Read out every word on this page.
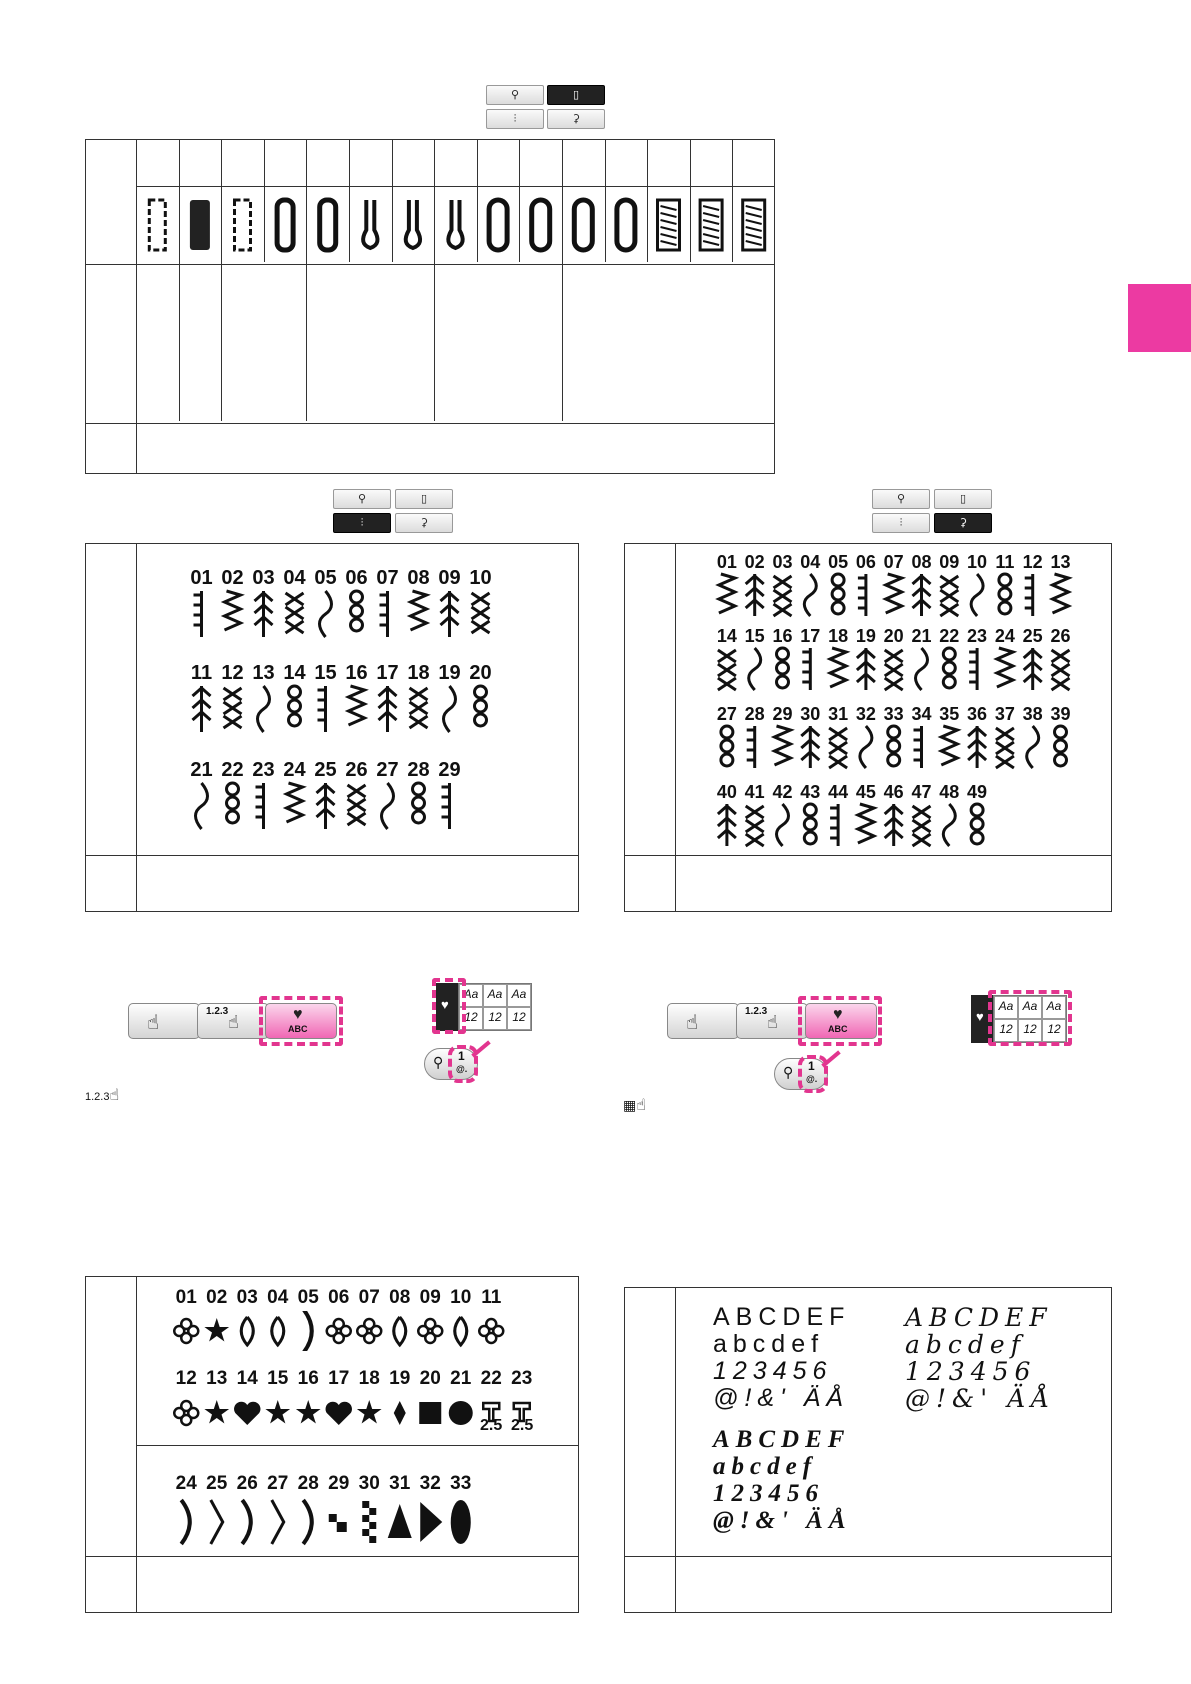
⚲	▯
⫶	⚳
⚲	▯
⫶	⚳
01 02 03 04 05 06 07 08 09 10
11 12 13 14 15 16 17 18 19 20
21 22 23 24 25 26 27 28 29
⚲	▯
⫶	⚳
01 02 03 04 05 06 07 08 09 10 11 12 13
14 15 16 17 18 19 20 21 22 23 24 25 26
27 28 29 30 31 32 33 34 35 36 37 38 39
40 41 42 43 44 45 46 47 48 49
☝
1.2.3
☝	♥
ABC
♥
Aa Aa Aa
12 12 12
⚲ 1
@.
1.2.3☝
☝
1.2.3
☝	♥
ABC
♥
Aa Aa Aa
12 12 12
⚲ 1
@.
▦☝
01 02 03 04 05 06 07 08 09 10 11
12 13 14 15 16 17 18 19 20 21 22 23
2.5 2.5
24 25 26 27 28 29 30 31 32 33
ABCDEF
abcdef
123456
@!&' ÄÅ
ABCDEF
abcdef
123456
@!&' ÄÅ
ABCDEF
abcdef
123456
@!&' ÄÅ
